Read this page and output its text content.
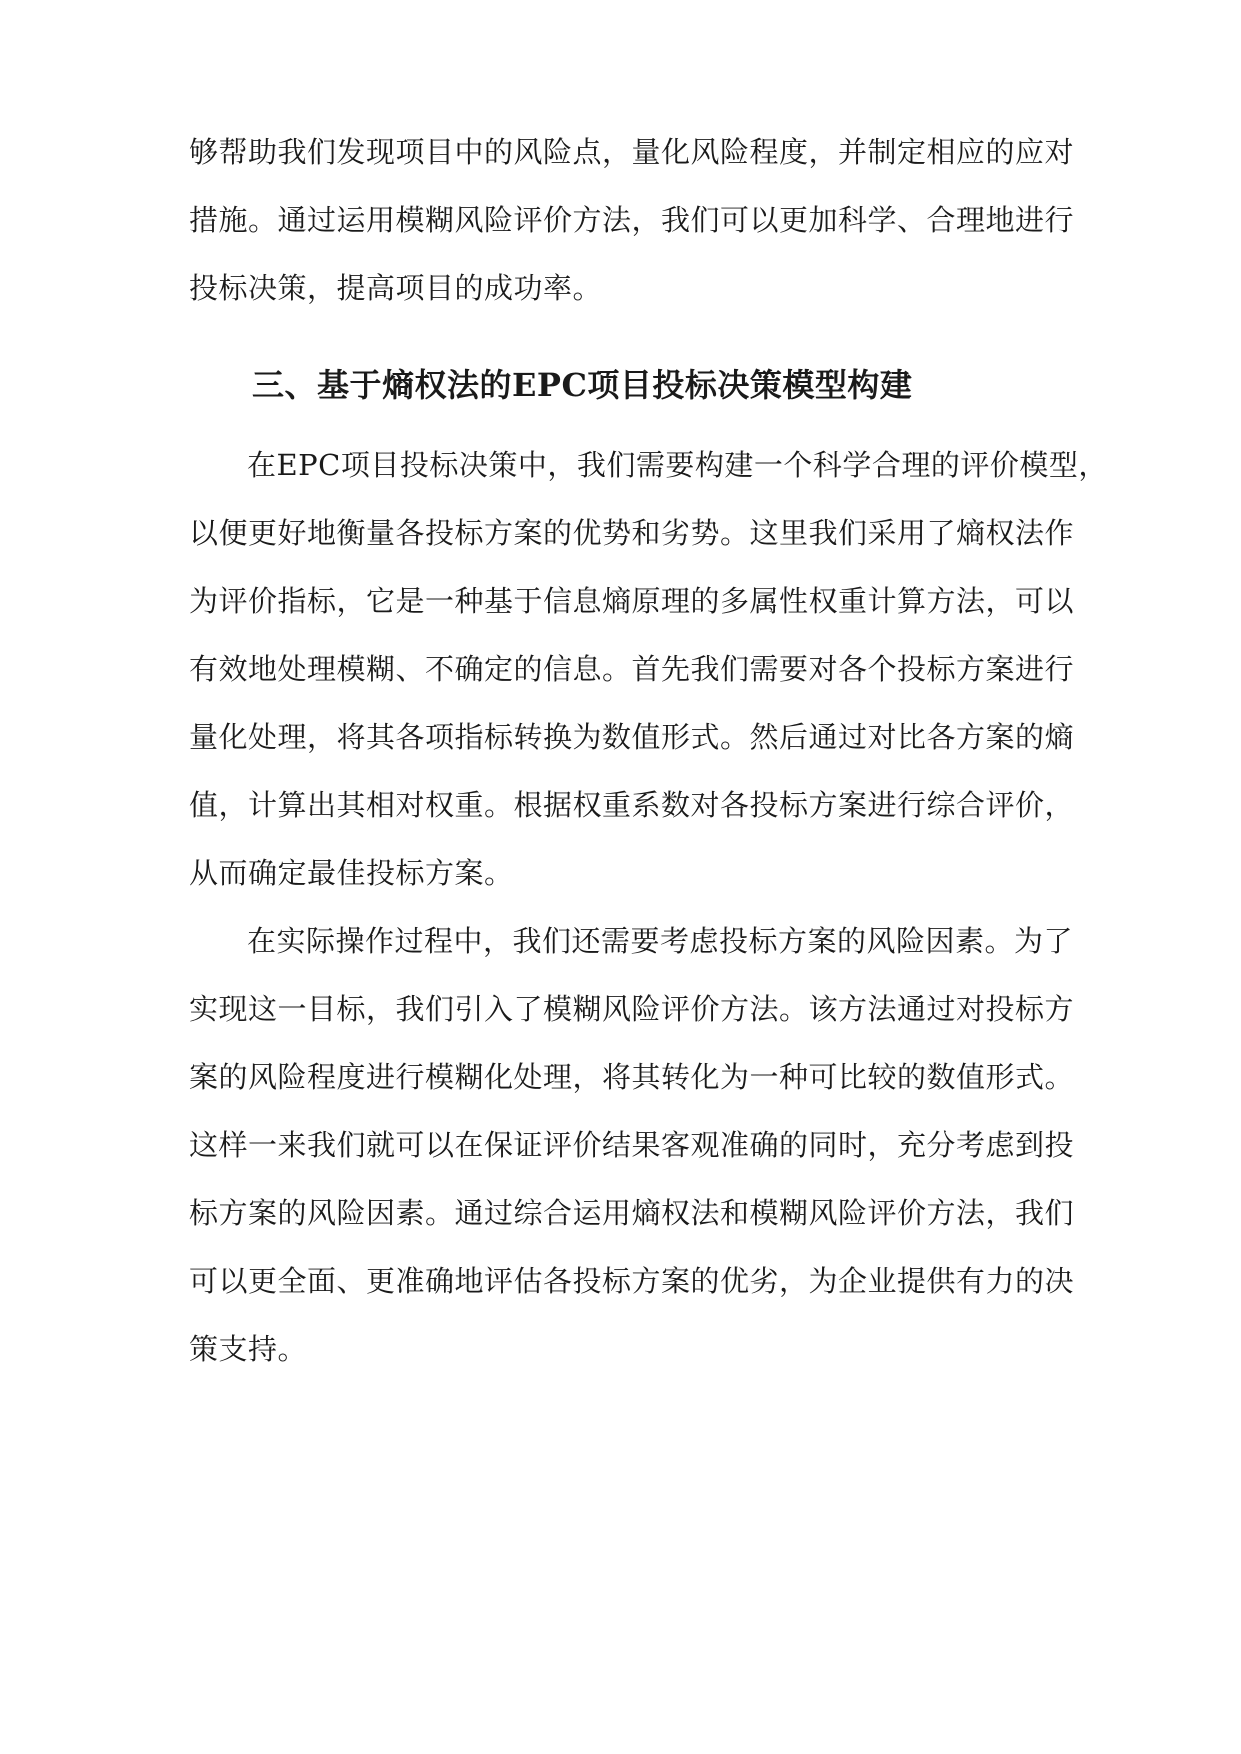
够帮助我们发现项目中的风险点，量化风险程度，并制定相应的应对
措施。通过运用模糊风险评价方法，我们可以更加科学、合理地进行
投标决策，提高项目的成功率。
三、基于熵权法的EPC项目投标决策模型构建
在EPC项目投标决策中，我们需要构建一个科学合理的评价模型，
以便更好地衡量各投标方案的优势和劣势。这里我们采用了熵权法作
为评价指标，它是一种基于信息熵原理的多属性权重计算方法，可以
有效地处理模糊、不确定的信息。首先我们需要对各个投标方案进行
量化处理，将其各项指标转换为数值形式。然后通过对比各方案的熵
值，计算出其相对权重。根据权重系数对各投标方案进行综合评价，
从而确定最佳投标方案。
在实际操作过程中，我们还需要考虑投标方案的风险因素。为了
实现这一目标，我们引入了模糊风险评价方法。该方法通过对投标方
案的风险程度进行模糊化处理，将其转化为一种可比较的数值形式。
这样一来我们就可以在保证评价结果客观准确的同时，充分考虑到投
标方案的风险因素。通过综合运用熵权法和模糊风险评价方法，我们
可以更全面、更准确地评估各投标方案的优劣，为企业提供有力的决
策支持。
